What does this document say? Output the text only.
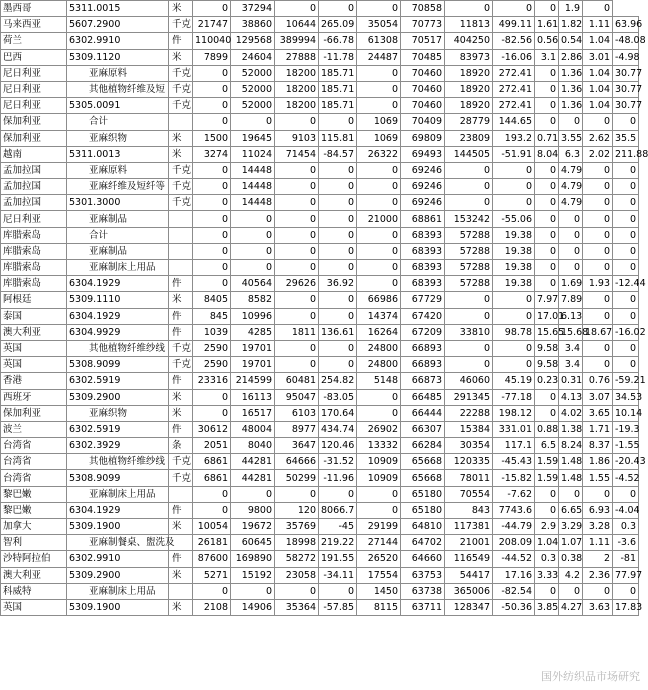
墨西哥	5311.0015	米	0	37294	0	0	0	70858	0	0	0	1.9	0	
马来西亚	5607.2900	千克	21747	38860	10644	265.09	35054	70773	11813	499.11	1.61	1.82	1.11	63.96
荷兰	6302.9910	件	110040	129568	389994	-66.78	61308	70517	404250	-82.56	0.56	0.54	1.04	-48.08
巴西	5309.1120	米	7899	24604	27888	-11.78	24487	70485	83973	-16.06	3.1	2.86	3.01	-4.98
尼日利亚	亚麻原料	千克	0	52000	18200	185.71	0	70460	18920	272.41	0	1.36	1.04	30.77
尼日利亚	其他植物纤维及短	千克	0	52000	18200	185.71	0	70460	18920	272.41	0	1.36	1.04	30.77
尼日利亚	5305.0091	千克	0	52000	18200	185.71	0	70460	18920	272.41	0	1.36	1.04	30.77
保加利亚	合计		0	0	0	0	1069	70409	28779	144.65	0	0	0	0
保加利亚	亚麻织物	米	1500	19645	9103	115.81	1069	69809	23809	193.2	0.71	3.55	2.62	35.5
越南	5311.0013	米	3274	11024	71454	-84.57	26322	69493	144505	-51.91	8.04	6.3	2.02	211.88
孟加拉国	亚麻原料	千克	0	14448	0	0	0	69246	0	0	0	4.79	0	0
孟加拉国	亚麻纤维及短纤等	千克	0	14448	0	0	0	69246	0	0	0	4.79	0	0
孟加拉国	5301.3000	千克	0	14448	0	0	0	69246	0	0	0	4.79	0	0
尼日利亚	亚麻制品		0	0	0	0	21000	68861	153242	-55.06	0	0	0	0
库腊索岛	合计		0	0	0	0	0	68393	57288	19.38	0	0	0	0
库腊索岛	亚麻制品		0	0	0	0	0	68393	57288	19.38	0	0	0	0
库腊索岛	亚麻制床上用品		0	0	0	0	0	68393	57288	19.38	0	0	0	0
库腊索岛	6304.1929	件	0	40564	29626	36.92	0	68393	57288	19.38	0	1.69	1.93	-12.44
阿根廷	5309.1110	米	8405	8582	0	0	66986	67729	0	0	7.97	7.89	0	0
泰国	6304.1929	件	845	10996	0	0	14374	67420	0	0	17.01	6.13	0	0
澳大利亚	6304.9929	件	1039	4285	1811	136.61	16264	67209	33810	98.78	15.65	15.68	18.67	-16.02
英国	其他植物纤维纱线	千克	2590	19701	0	0	24800	66893	0	0	9.58	3.4	0	0
英国	5308.9099	千克	2590	19701	0	0	24800	66893	0	0	9.58	3.4	0	0
香港	6302.5919	件	23316	214599	60481	254.82	5148	66873	46060	45.19	0.23	0.31	0.76	-59.21
西班牙	5309.2900	米	0	16113	95047	-83.05	0	66485	291345	-77.18	0	4.13	3.07	34.53
保加利亚	亚麻织物	米	0	16517	6103	170.64	0	66444	22288	198.12	0	4.02	3.65	10.14
波兰	6302.5919	件	30612	48004	8977	434.74	26902	66307	15384	331.01	0.88	1.38	1.71	-19.3
台湾省	6302.3929	条	2051	8040	3647	120.46	13332	66284	30354	117.1	6.5	8.24	8.37	-1.55
台湾省	其他植物纤维纱线	千克	6861	44281	64666	-31.52	10909	65668	120335	-45.43	1.59	1.48	1.86	-20.43
台湾省	5308.9099	千克	6861	44281	50299	-11.96	10909	65668	78011	-15.82	1.59	1.48	1.55	-4.52
黎巴嫩	亚麻制床上用品		0	0	0	0	0	65180	70554	-7.62	0	0	0	0
黎巴嫩	6304.1929	件	0	9800	120	8066.7	0	65180	843	7743.6	0	6.65	6.93	-4.04
加拿大	5309.1900	米	10054	19672	35769	-45	29199	64810	117381	-44.79	2.9	3.29	3.28	0.3
智利	亚麻制餐桌、盥洗及		26181	60645	18998	219.22	27144	64702	21001	208.09	1.04	1.07	1.11	-3.6
沙特阿拉伯	6302.9910	件	87600	169890	58272	191.55	26520	64660	116549	-44.52	0.3	0.38	2	-81
澳大利亚	5309.2900	米	5271	15192	23058	-34.11	17554	63753	54417	17.16	3.33	4.2	2.36	77.97
科威特	亚麻制床上用品		0	0	0	0	1450	63738	365006	-82.54	0	0	0	0
英国	5309.1900	米	2108	14906	35364	-57.85	8115	63711	128347	-50.36	3.85	4.27	3.63	17.83
国外纺织品市场研究
